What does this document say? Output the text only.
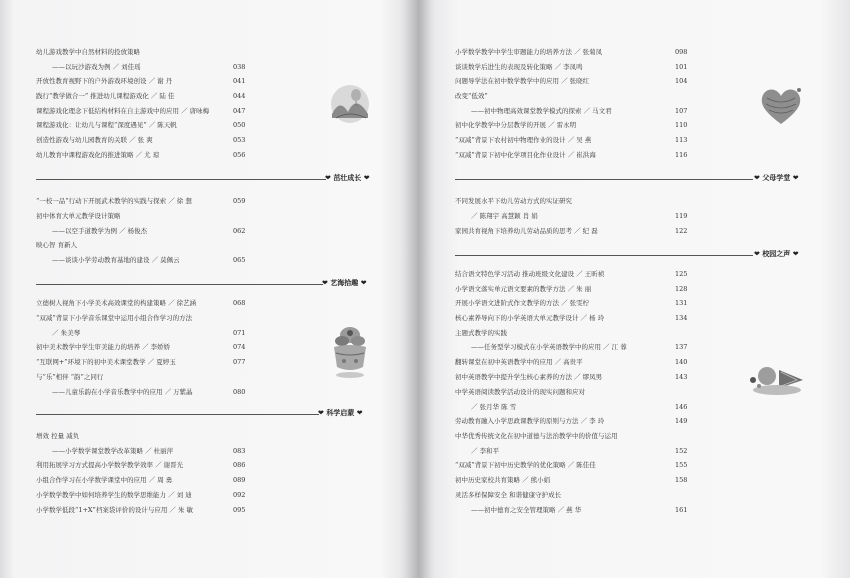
幼儿游戏教学中自然材料的投放策略
——以玩沙游戏为例 ／ 刘佳瑶	038
开放性教育视野下的户外游戏环境创设 ／ 谢 丹	041
践行“教学做合一” 推进幼儿课程游戏化 ／ 陆 佳	044
课程游戏化理念下低结构材料在自主游戏中的应用 ／ 唐咏梅	047
课程游戏化：让幼儿与课程“深度遇见” ／ 陈天帆	050
创造性游戏与幼儿园教育的关联 ／ 张 爽	053
幼儿教育中课程游戏化的推进策略 ／ 尤 琼	056
❤ 茁壮成长 ❤
“一校一品”行动下开展武术教学的实践与探索 ／ 徐 想	059
初中体育大单元教学设计策略
——以空手道教学为例 ／ 杨俊杰	062
映心智 育新人
——谈谈小学劳动教育基地的建设 ／ 莫佩云	065
❤ 艺海拾趣 ❤
立德树人视角下小学美术高效课堂的构建策略 ／ 徐艺涵	068
“双减”背景下小学音乐课堂中运用小组合作学习的方法
／ 朱美琴	071
初中美术教学中学生审美能力的培养 ／ 李娇娇	074
“互联网+”环境下的初中美术课堂教学 ／ 夏婷玉	077
与“乐”相伴 “韵”之同行
——儿童乐韵在小学音乐教学中的应用 ／ 万紫晶	080
❤ 科学启蒙 ❤
增效 控量 减负
——小学数学课堂教学改革策略 ／ 杜丽萍	083
利用拓展学习方式提高小学数学教学效率 ／ 谢晋光	086
小组合作学习在小学数学课堂中的应用 ／ 周 勇	089
小学数学教学中如何培养学生的数学思维能力 ／ 刘 迪	092
小学数学低段“1+X”档案袋评价的设计与应用 ／ 朱 敏	095
小学数学教学中学生审题能力的培养方法 ／ 张菊凤	098
谈谈数学后进生的表现及转化策略 ／ 李凤鸣	101
问题导学法在初中数学教学中的应用 ／ 张晓红	104
改变“低效”
——初中物理高效课堂教学模式的探索 ／ 马文君	107
初中化学教学中分层教学的开展 ／ 雷永明	110
“双减”背景下农村初中物理作业的设计 ／ 吴 燕	113
“双减”背景下初中化学项目化作业设计 ／ 崔洪海	116
❤ 父母学堂 ❤
不同发展水平下幼儿劳动方式的实证研究
／ 陈翔宇 高慧颖 肖 娟	119
家园共育视角下培养幼儿劳动品质的思考 ／ 纪 磊	122
❤ 校园之声 ❤
结合语文特色学习活动 推动班级文化建设 ／ 王昕祯	125
小学语文落实单元语文要素的教学方法 ／ 朱 丽	128
开展小学语文进阶式作文教学的方法 ／ 张雯柠	131
核心素养导向下的小学英语大单元教学设计 ／ 杨 玲	134
主题式教学的实践
——任务型学习模式在小学英语教学中的应用 ／ 江 蓉	137
翻转课堂在初中英语教学中的应用 ／ 高贵平	140
初中英语教学中提升学生核心素养的方法 ／ 缪凤男	143
中学英语阅读教学活动设计的现实问题和应对
／ 张月华 陈 雪	146
劳动教育融入小学思政课教学的原则与方法 ／ 李 玲	149
中华优秀传统文化在初中道德与法治教学中的价值与运用
／ 李和平	152
“双减”背景下初中历史教学的优化策略 ／ 陈佳佳	155
初中历史家校共育策略 ／ 熊小娟	158
灵活多样保障安全 和谐健康守护成长
——初中德育之安全管理策略 ／ 燕 华	161
